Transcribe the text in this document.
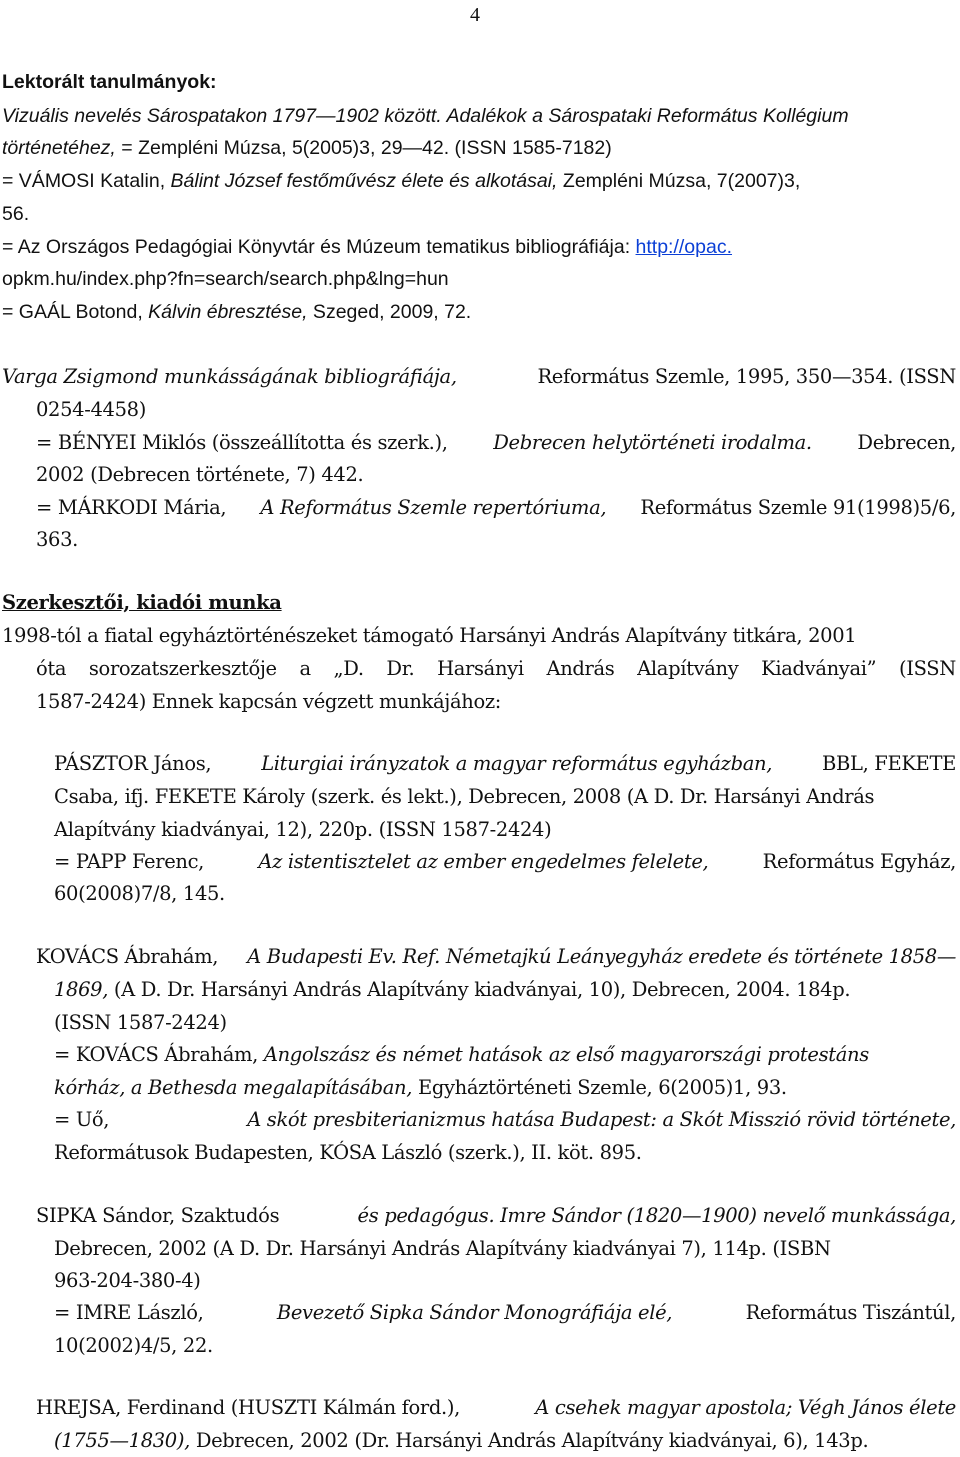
4
Lektorált tanulmányok:
Vizuális nevelés Sárospatakon 1797—1902 között. Adalékok a Sárospataki Református Kollégium
történetéhez, = Zempléni Múzsa, 5(2005)3, 29—42. (ISSN 1585-7182)
= VÁMOSI Katalin, Bálint József festőművész élete és alkotásai, Zempléni Múzsa, 7(2007)3,
56.
= Az Országos Pedagógiai Könyvtár és Múzeum tematikus bibliográfiája: http://opac.
opkm.hu/index.php?fn=search/search.php&lng=hun
= GAÁL Botond, Kálvin ébresztése, Szeged, 2009, 72.
Varga Zsigmond munkásságának bibliográfiája,	Református Szemle, 1995, 350—354. (ISSN
0254-4458)
= BÉNYEI Miklós (összeállította és szerk.), Debrecen helytörténeti irodalma. Debrecen,
2002 (Debrecen története, 7) 442.
= MÁRKODI Mária, A Református Szemle repertóriuma, Református Szemle 91(1998)5/6,
363.
Szerkesztői, kiadói munka
1998-tól a fiatal egyháztörténészeket támogató Harsányi András Alapítvány titkára, 2001
óta sorozatszerkesztője a „D. Dr. Harsányi András Alapítvány Kiadványai” (ISSN
1587-2424) Ennek kapcsán végzett munkájához:
PÁSZTOR János, Liturgiai irányzatok a magyar református egyházban, BBL, FEKETE
Csaba, ifj. FEKETE Károly (szerk. és lekt.), Debrecen, 2008 (A D. Dr. Harsányi András
Alapítvány kiadványai, 12), 220p. (ISSN 1587-2424)
= PAPP Ferenc, Az istentisztelet az ember engedelmes felelete, Református Egyház,
60(2008)7/8, 145.
KOVÁCS Ábrahám, A Budapesti Ev. Ref. Németajkú Leányegyház eredete és története 1858—
1869, (A D. Dr. Harsányi András Alapítvány kiadványai, 10), Debrecen, 2004. 184p.
(ISSN 1587-2424)
= KOVÁCS Ábrahám, Angolszász és német hatások az első magyarországi protestáns
kórház, a Bethesda megalapításában, Egyháztörténeti Szemle, 6(2005)1, 93.
= Uő,	A skót presbiterianizmus hatása Budapest: a Skót Misszió rövid története,
Reformátusok Budapesten, KÓSA László (szerk.), II. köt. 895.
SIPKA Sándor, Szaktudós	és pedagógus. Imre Sándor (1820—1900) nevelő munkássága,
Debrecen, 2002 (A D. Dr. Harsányi András Alapítvány kiadványai 7), 114p. (ISBN
963-204-380-4)
= IMRE László,	Bevezető Sipka Sándor Monográfiája elé,	Református Tiszántúl,
10(2002)4/5, 22.
HREJSA, Ferdinand (HUSZTI Kálmán ford.),	A csehek magyar apostola; Végh János élete
(1755—1830), Debrecen, 2002 (Dr. Harsányi András Alapítvány kiadványai, 6), 143p.
